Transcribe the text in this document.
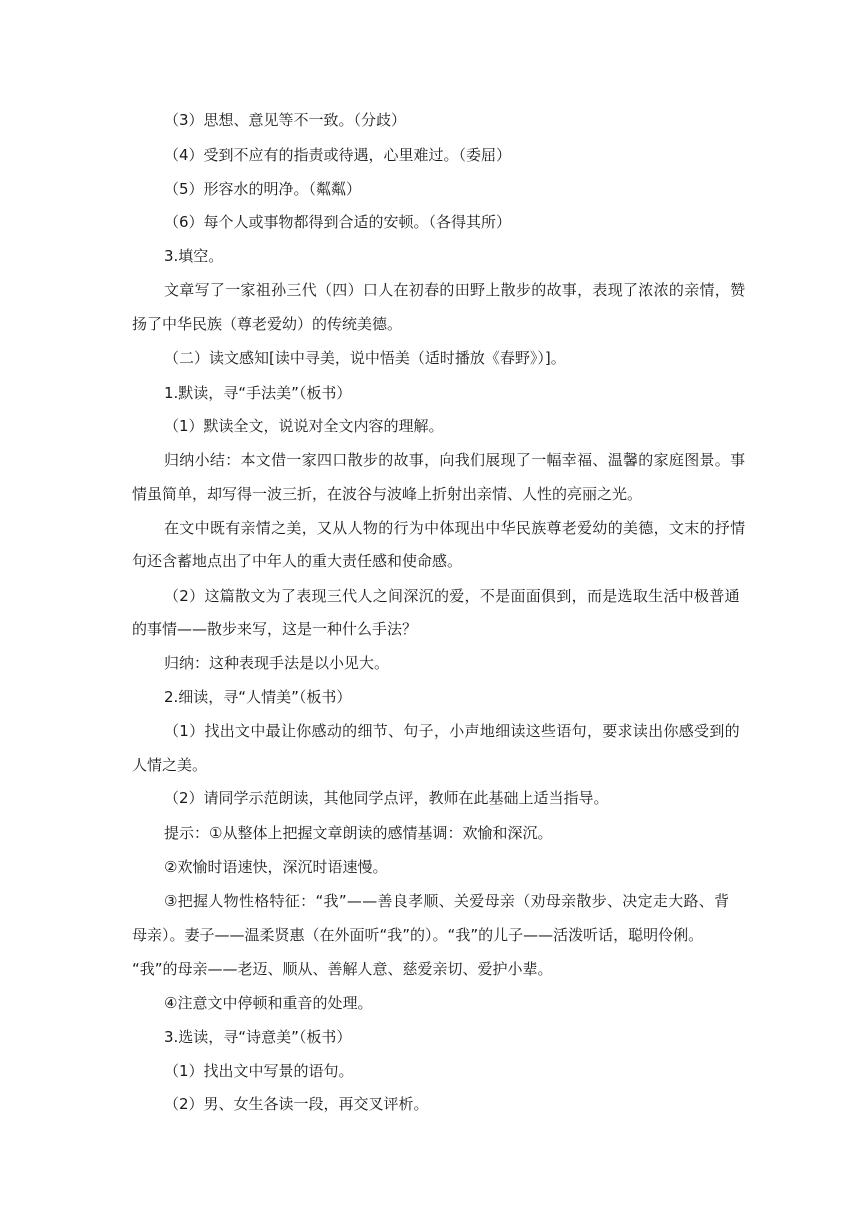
（3）思想、意见等不一致。（分歧）

（4）受到不应有的指责或待遇，心里难过。（委屈）

（5）形容水的明净。（粼粼）

（6）每个人或事物都得到合适的安顿。（各得其所）

3.填空。

文章写了一家祖孙三代（四）口人在初春的田野上散步的故事，表现了浓浓的亲情，赞

扬了中华民族（尊老爱幼）的传统美德。

（二）读文感知[读中寻美，说中悟美（适时播放《春野》）]。

1.默读，寻“手法美”（板书）

（1）默读全文，说说对全文内容的理解。

归纳小结：本文借一家四口散步的故事，向我们展现了一幅幸福、温馨的家庭图景。事

情虽简单，却写得一波三折，在波谷与波峰上折射出亲情、人性的亮丽之光。

在文中既有亲情之美，又从人物的行为中体现出中华民族尊老爱幼的美德，文末的抒情

句还含蓄地点出了中年人的重大责任感和使命感。

（2）这篇散文为了表现三代人之间深沉的爱，不是面面俱到，而是选取生活中极普通

的事情——散步来写，这是一种什么手法？

归纳：这种表现手法是以小见大。

2.细读，寻“人情美”（板书）

（1）找出文中最让你感动的细节、句子，小声地细读这些语句，要求读出你感受到的

人情之美。

（2）请同学示范朗读，其他同学点评，教师在此基础上适当指导。

提示：①从整体上把握文章朗读的感情基调：欢愉和深沉。

②欢愉时语速快，深沉时语速慢。

③把握人物性格特征：“我”——善良孝顺、关爱母亲（劝母亲散步、决定走大路、背

母亲）。妻子——温柔贤惠（在外面听“我”的）。“我”的儿子——活泼听话，聪明伶俐。

“我”的母亲——老迈、顺从、善解人意、慈爱亲切、爱护小辈。

④注意文中停顿和重音的处理。

3.选读，寻“诗意美”（板书）

（1）找出文中写景的语句。

（2）男、女生各读一段，再交叉评析。
